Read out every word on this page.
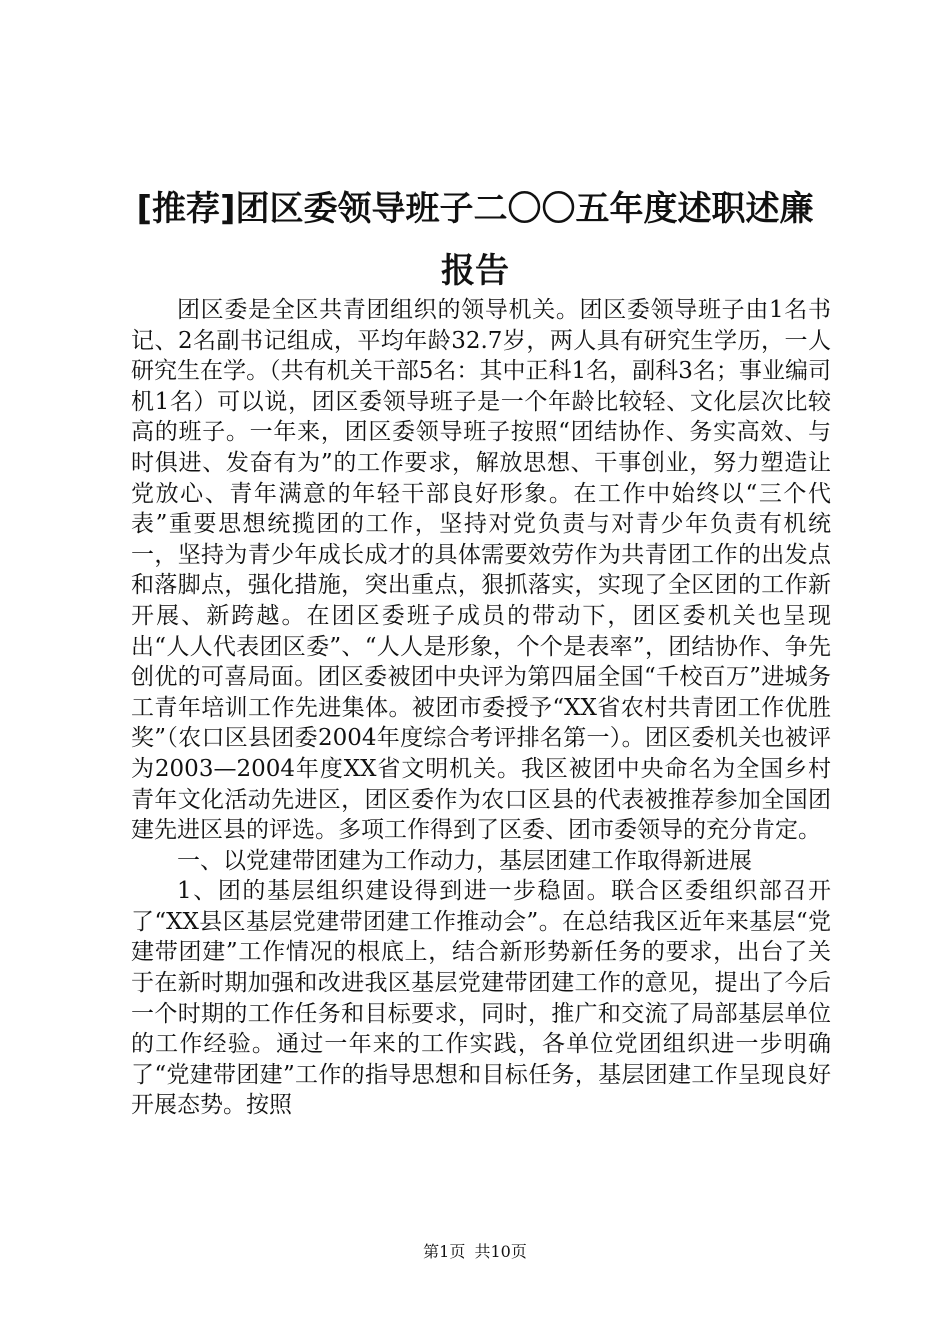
[推荐]团区委领导班子二〇〇五年度述职述廉
报告

团区委是全区共青团组织的领导机关。团区委领导班子由1名书记、2名副书记组成，平均年龄32.7岁，两人具有研究生学历，一人研究生在学。（共有机关干部5名：其中正科1名，副科3名；事业编司机1名）可以说，团区委领导班子是一个年龄比较轻、文化层次比较高的班子。一年来，团区委领导班子按照“团结协作、务实高效、与时俱进、发奋有为”的工作要求，解放思想、干事创业，努力塑造让党放心、青年满意的年轻干部良好形象。在工作中始终以“三个代表”重要思想统揽团的工作，坚持对党负责与对青少年负责有机统一，坚持为青少年成长成才的具体需要效劳作为共青团工作的出发点和落脚点，强化措施，突出重点，狠抓落实，实现了全区团的工作新开展、新跨越。在团区委班子成员的带动下，团区委机关也呈现出“人人代表团区委”、“人人是形象，个个是表率”，团结协作、争先创优的可喜局面。团区委被团中央评为第四届全国“千校百万”进城务工青年培训工作先进集体。被团市委授予“XX省农村共青团工作优胜奖”（农口区县团委2004年度综合考评排名第一）。团区委机关也被评为2003—2004年度XX省文明机关。我区被团中央命名为全国乡村青年文化活动先进区，团区委作为农口区县的代表被推荐参加全国团建先进区县的评选。多项工作得到了区委、团市委领导的充分肯定。

一、以党建带团建为工作动力，基层团建工作取得新进展

1、团的基层组织建设得到进一步稳固。联合区委组织部召开了“XX县区基层党建带团建工作推动会”。在总结我区近年来基层“党建带团建”工作情况的根底上，结合新形势新任务的要求，出台了关于在新时期加强和改进我区基层党建带团建工作的意见，提出了今后一个时期的工作任务和目标要求，同时，推广和交流了局部基层单位的工作经验。通过一年来的工作实践，各单位党团组织进一步明确了“党建带团建”工作的指导思想和目标任务，基层团建工作呈现良好开展态势。按照

第1页 共10页
